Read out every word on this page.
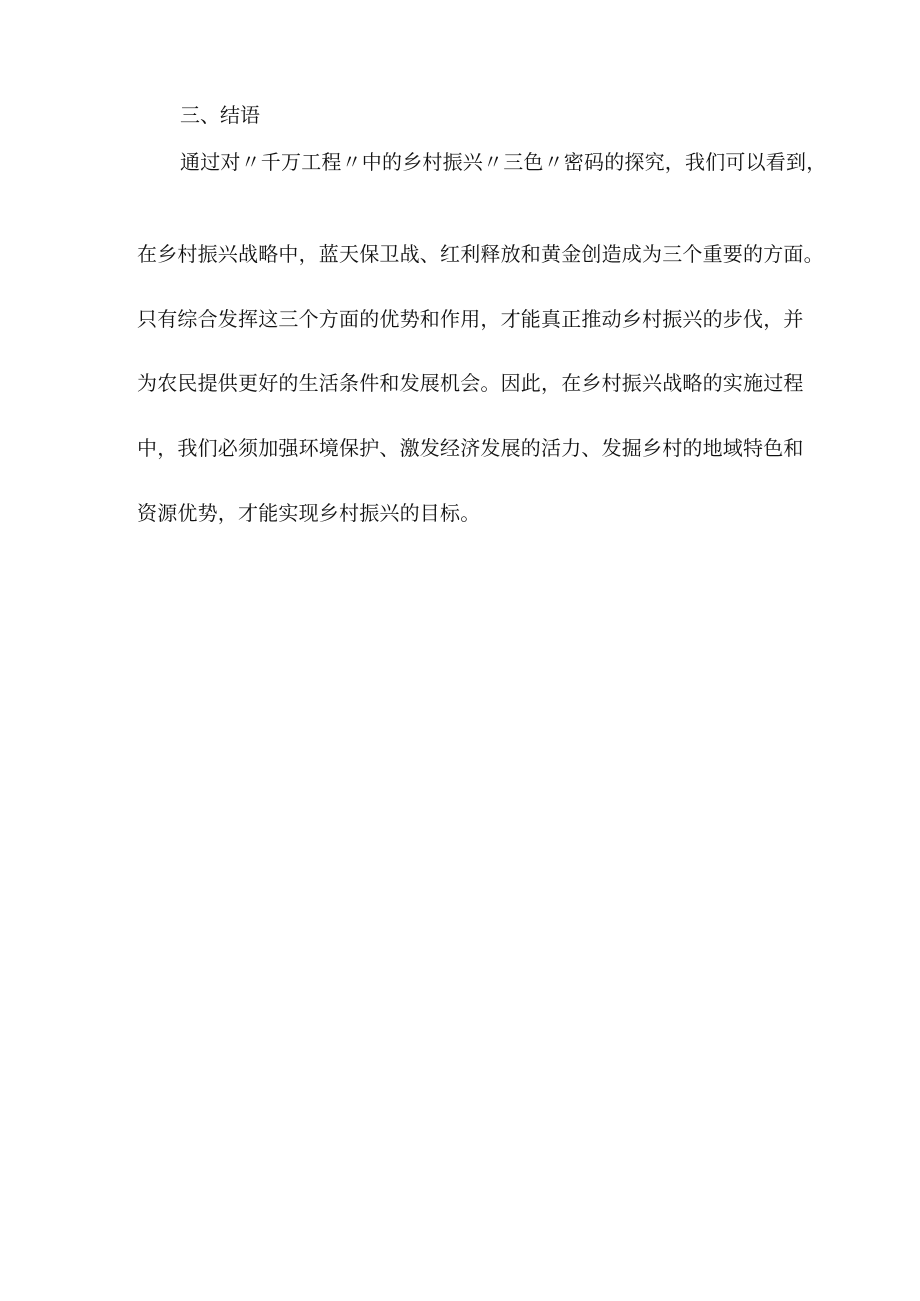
三、结语

通过对〃千万工程〃中的乡村振兴〃三色〃密码的探究，我们可以看到，

在乡村振兴战略中，蓝天保卫战、红利释放和黄金创造成为三个重要的方面。

只有综合发挥这三个方面的优势和作用，才能真正推动乡村振兴的步伐，并

为农民提供更好的生活条件和发展机会。因此，在乡村振兴战略的实施过程

中，我们必须加强环境保护、激发经济发展的活力、发掘乡村的地域特色和

资源优势，才能实现乡村振兴的目标。
